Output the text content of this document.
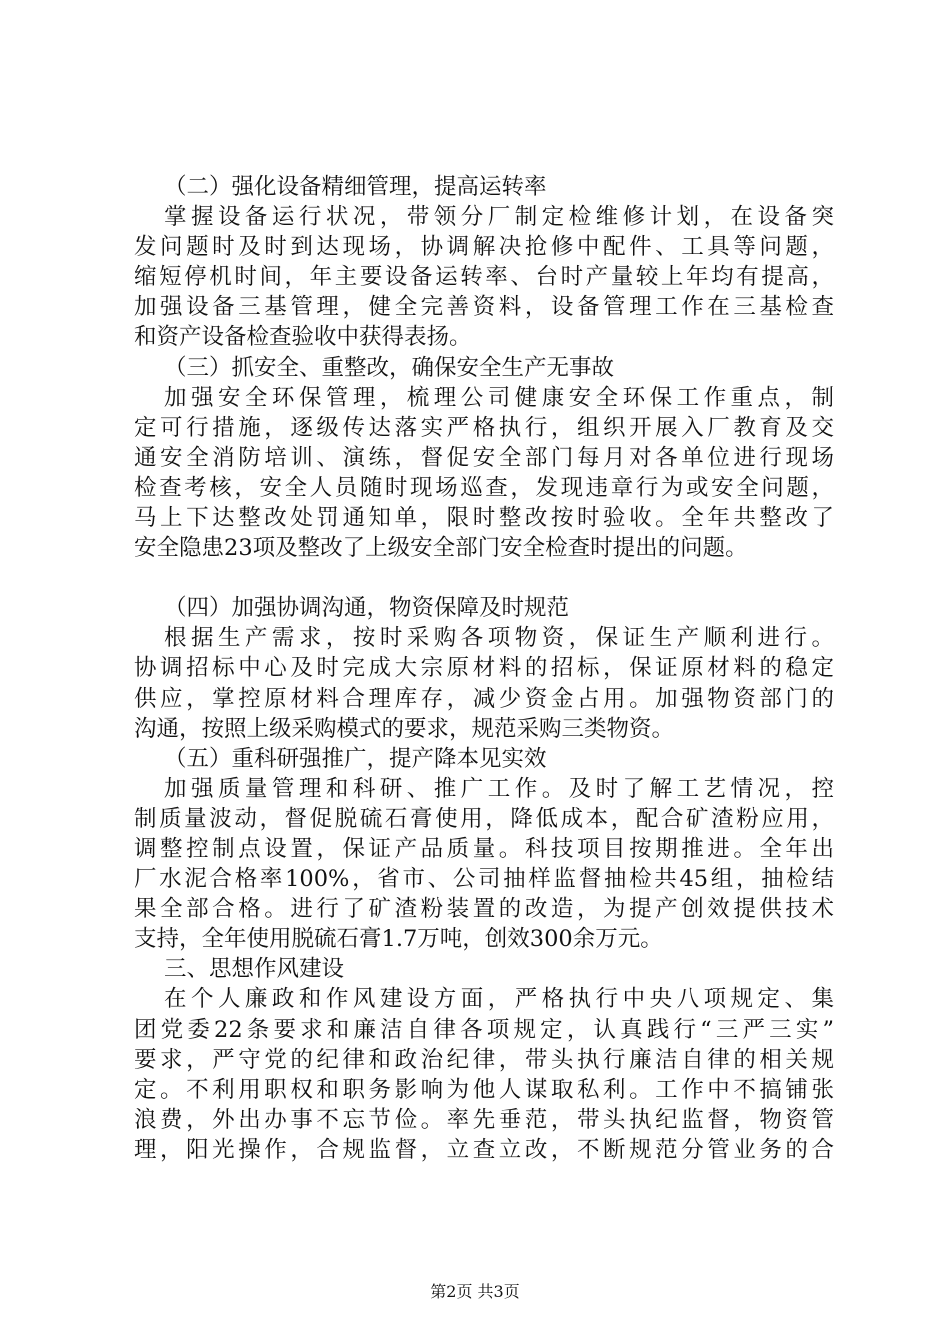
（二）强化设备精细管理，提高运转率
掌握设备运行状况，带领分厂制定检维修计划，在设备突
发问题时及时到达现场，协调解决抢修中配件、工具等问题，
缩短停机时间，年主要设备运转率、台时产量较上年均有提高，
加强设备三基管理，健全完善资料，设备管理工作在三基检查
和资产设备检查验收中获得表扬。
（三）抓安全、重整改，确保安全生产无事故
加强安全环保管理，梳理公司健康安全环保工作重点，制
定可行措施，逐级传达落实严格执行，组织开展入厂教育及交
通安全消防培训、演练，督促安全部门每月对各单位进行现场
检查考核，安全人员随时现场巡查，发现违章行为或安全问题，
马上下达整改处罚通知单，限时整改按时验收。全年共整改了
安全隐患23项及整改了上级安全部门安全检查时提出的问题。
（四）加强协调沟通，物资保障及时规范
根据生产需求，按时采购各项物资，保证生产顺利进行。
协调招标中心及时完成大宗原材料的招标，保证原材料的稳定
供应，掌控原材料合理库存，减少资金占用。加强物资部门的
沟通，按照上级采购模式的要求，规范采购三类物资。
（五）重科研强推广，提产降本见实效
加强质量管理和科研、推广工作。及时了解工艺情况，控
制质量波动，督促脱硫石膏使用，降低成本，配合矿渣粉应用，
调整控制点设置，保证产品质量。科技项目按期推进。全年出
厂水泥合格率100%，省市、公司抽样监督抽检共45组，抽检结
果全部合格。进行了矿渣粉装置的改造，为提产创效提供技术
支持，全年使用脱硫石膏1.7万吨，创效300余万元。
三、思想作风建设
在个人廉政和作风建设方面，严格执行中央八项规定、集
团党委22条要求和廉洁自律各项规定，认真践行“三严三实”
要求，严守党的纪律和政治纪律，带头执行廉洁自律的相关规
定。不利用职权和职务影响为他人谋取私利。工作中不搞铺张
浪费，外出办事不忘节俭。率先垂范，带头执纪监督，物资管
理，阳光操作，合规监督，立查立改，不断规范分管业务的合
第2页 共3页
